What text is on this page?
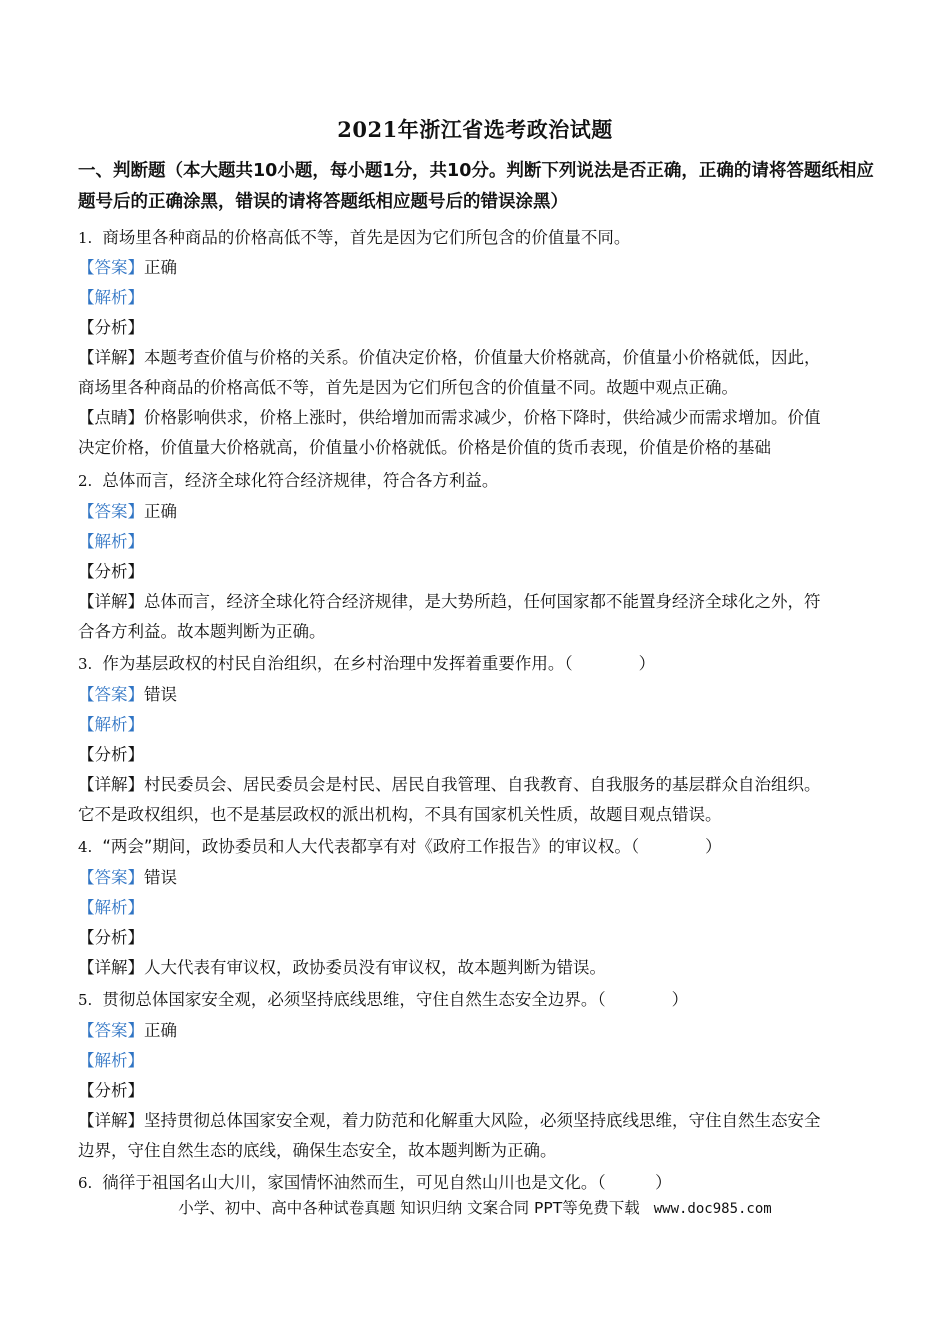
2021年浙江省选考政治试题
一、判断题（本大题共10小题，每小题1分，共10分。判断下列说法是否正确，正确的请将答题纸相应题号后的正确涂黑，错误的请将答题纸相应题号后的错误涂黑）
1. 商场里各种商品的价格高低不等，首先是因为它们所包含的价值量不同。
【答案】正确
【解析】
【分析】
【详解】本题考查价值与价格的关系。价值决定价格，价值量大价格就高，价值量小价格就低，因此，
商场里各种商品的价格高低不等，首先是因为它们所包含的价值量不同。故题中观点正确。
【点睛】价格影响供求，价格上涨时，供给增加而需求减少，价格下降时，供给减少而需求增加。价值
决定价格，价值量大价格就高，价值量小价格就低。价格是价值的货币表现，价值是价格的基础
2. 总体而言，经济全球化符合经济规律，符合各方利益。
【答案】正确
【解析】
【分析】
【详解】总体而言，经济全球化符合经济规律，是大势所趋，任何国家都不能置身经济全球化之外，符
合各方利益。故本题判断为正确。
3. 作为基层政权的村民自治组织，在乡村治理中发挥着重要作用。（　　　　）
【答案】错误
【解析】
【分析】
【详解】村民委员会、居民委员会是村民、居民自我管理、自我教育、自我服务的基层群众自治组织。
它不是政权组织，也不是基层政权的派出机构，不具有国家机关性质，故题目观点错误。
4. “两会”期间，政协委员和人大代表都享有对《政府工作报告》的审议权。（　　　　）
【答案】错误
【解析】
【分析】
【详解】人大代表有审议权，政协委员没有审议权，故本题判断为错误。
5. 贯彻总体国家安全观，必须坚持底线思维，守住自然生态安全边界。（　　　　）
【答案】正确
【解析】
【分析】
【详解】坚持贯彻总体国家安全观，着力防范和化解重大风险，必须坚持底线思维，守住自然生态安全
边界，守住自然生态的底线，确保生态安全，故本题判断为正确。
6. 徜徉于祖国名山大川，家国情怀油然而生，可见自然山川也是文化。（　　　）
小学、初中、高中各种试卷真题 知识归纳 文案合同 PPT等免费下载 www.doc985.com
